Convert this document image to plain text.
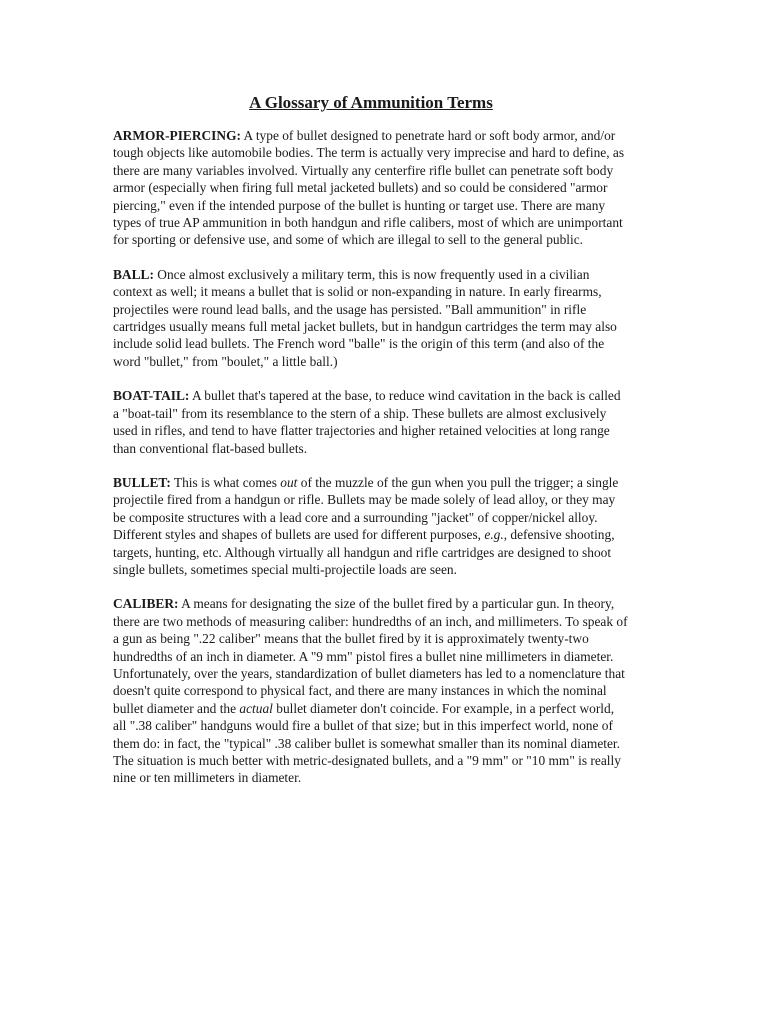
A Glossary of Ammunition Terms

ARMOR-PIERCING: A type of bullet designed to penetrate hard or soft body armor, and/or tough objects like automobile bodies. The term is actually very imprecise and hard to define, as there are many variables involved. Virtually any centerfire rifle bullet can penetrate soft body armor (especially when firing full metal jacketed bullets) and so could be considered "armor piercing," even if the intended purpose of the bullet is hunting or target use. There are many types of true AP ammunition in both handgun and rifle calibers, most of which are unimportant for sporting or defensive use, and some of which are illegal to sell to the general public.

BALL: Once almost exclusively a military term, this is now frequently used in a civilian context as well; it means a bullet that is solid or non-expanding in nature. In early firearms, projectiles were round lead balls, and the usage has persisted. "Ball ammunition" in rifle cartridges usually means full metal jacket bullets, but in handgun cartridges the term may also include solid lead bullets. The French word "balle" is the origin of this term (and also of the word "bullet," from "boulet," a little ball.)

BOAT-TAIL: A bullet that's tapered at the base, to reduce wind cavitation in the back is called a "boat-tail" from its resemblance to the stern of a ship. These bullets are almost exclusively used in rifles, and tend to have flatter trajectories and higher retained velocities at long range than conventional flat-based bullets.

BULLET: This is what comes out of the muzzle of the gun when you pull the trigger; a single projectile fired from a handgun or rifle. Bullets may be made solely of lead alloy, or they may be composite structures with a lead core and a surrounding "jacket" of copper/nickel alloy. Different styles and shapes of bullets are used for different purposes, e.g., defensive shooting, targets, hunting, etc. Although virtually all handgun and rifle cartridges are designed to shoot single bullets, sometimes special multi-projectile loads are seen.

CALIBER: A means for designating the size of the bullet fired by a particular gun. In theory, there are two methods of measuring caliber: hundredths of an inch, and millimeters. To speak of a gun as being ".22 caliber" means that the bullet fired by it is approximately twenty-two hundredths of an inch in diameter. A "9 mm" pistol fires a bullet nine millimeters in diameter. Unfortunately, over the years, standardization of bullet diameters has led to a nomenclature that doesn't quite correspond to physical fact, and there are many instances in which the nominal bullet diameter and the actual bullet diameter don't coincide. For example, in a perfect world, all ".38 caliber" handguns would fire a bullet of that size; but in this imperfect world, none of them do: in fact, the "typical" .38 caliber bullet is somewhat smaller than its nominal diameter. The situation is much better with metric-designated bullets, and a "9 mm" or "10 mm" is really nine or ten millimeters in diameter.
